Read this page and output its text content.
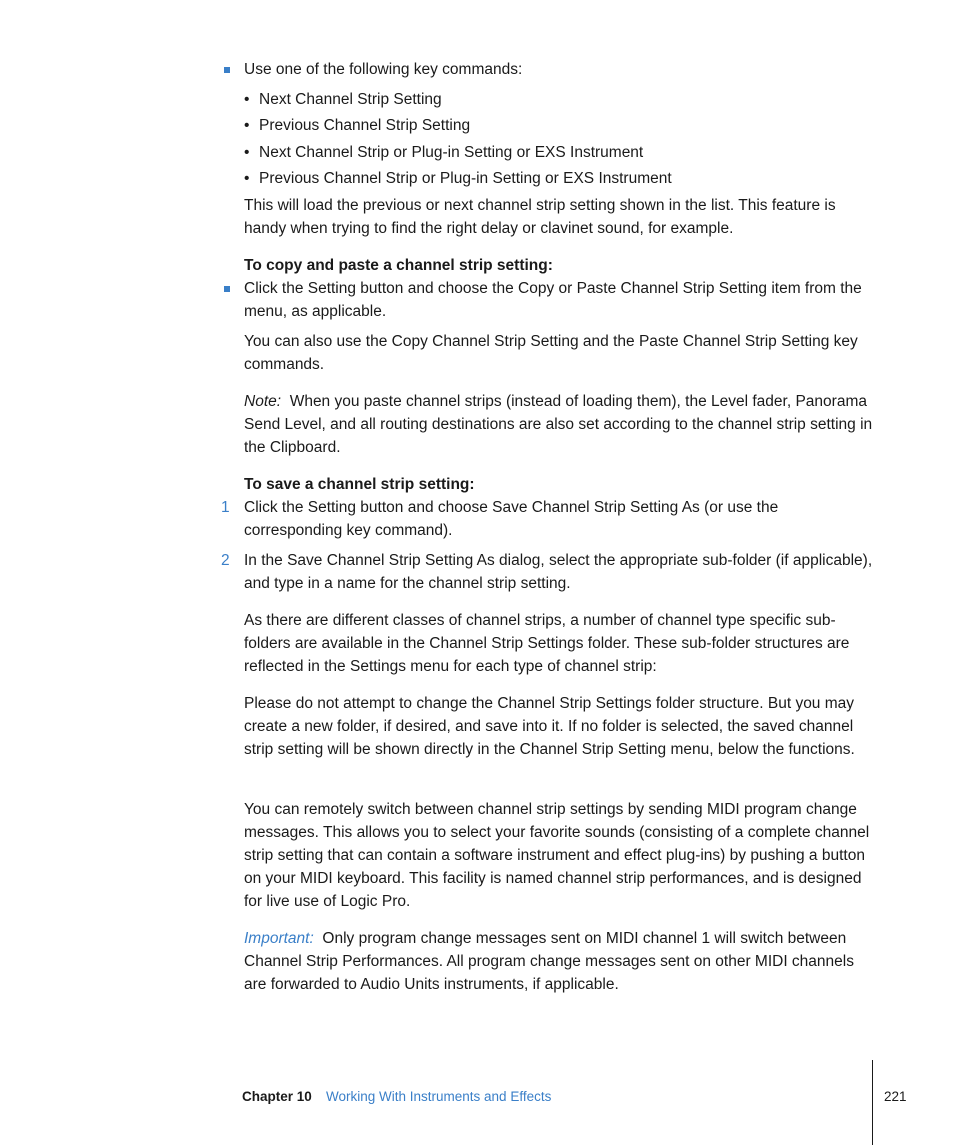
Use one of the following key commands:

• Next Channel Strip Setting

• Previous Channel Strip Setting

• Next Channel Strip or Plug-in Setting or EXS Instrument

• Previous Channel Strip or Plug-in Setting or EXS Instrument

This will load the previous or next channel strip setting shown in the list. This feature is handy when trying to find the right delay or clavinet sound, for example.

To copy and paste a channel strip setting:

Click the Setting button and choose the Copy or Paste Channel Strip Setting item from the menu, as applicable.

You can also use the Copy Channel Strip Setting and the Paste Channel Strip Setting key commands.

Note: When you paste channel strips (instead of loading them), the Level fader, Panorama Send Level, and all routing destinations are also set according to the channel strip setting in the Clipboard.

To save a channel strip setting:

1 Click the Setting button and choose Save Channel Strip Setting As (or use the corresponding key command).

2 In the Save Channel Strip Setting As dialog, select the appropriate sub-folder (if applicable), and type in a name for the channel strip setting.

As there are different classes of channel strips, a number of channel type specific sub-folders are available in the Channel Strip Settings folder. These sub-folder structures are reflected in the Settings menu for each type of channel strip:

Please do not attempt to change the Channel Strip Settings folder structure. But you may create a new folder, if desired, and save into it. If no folder is selected, the saved channel strip setting will be shown directly in the Channel Strip Setting menu, below the functions.

You can remotely switch between channel strip settings by sending MIDI program change messages. This allows you to select your favorite sounds (consisting of a complete channel strip setting that can contain a software instrument and effect plug-ins) by pushing a button on your MIDI keyboard. This facility is named channel strip performances, and is designed for live use of Logic Pro.

Important: Only program change messages sent on MIDI channel 1 will switch between Channel Strip Performances. All program change messages sent on other MIDI channels are forwarded to Audio Units instruments, if applicable.

Chapter 10 Working With Instruments and Effects	221
